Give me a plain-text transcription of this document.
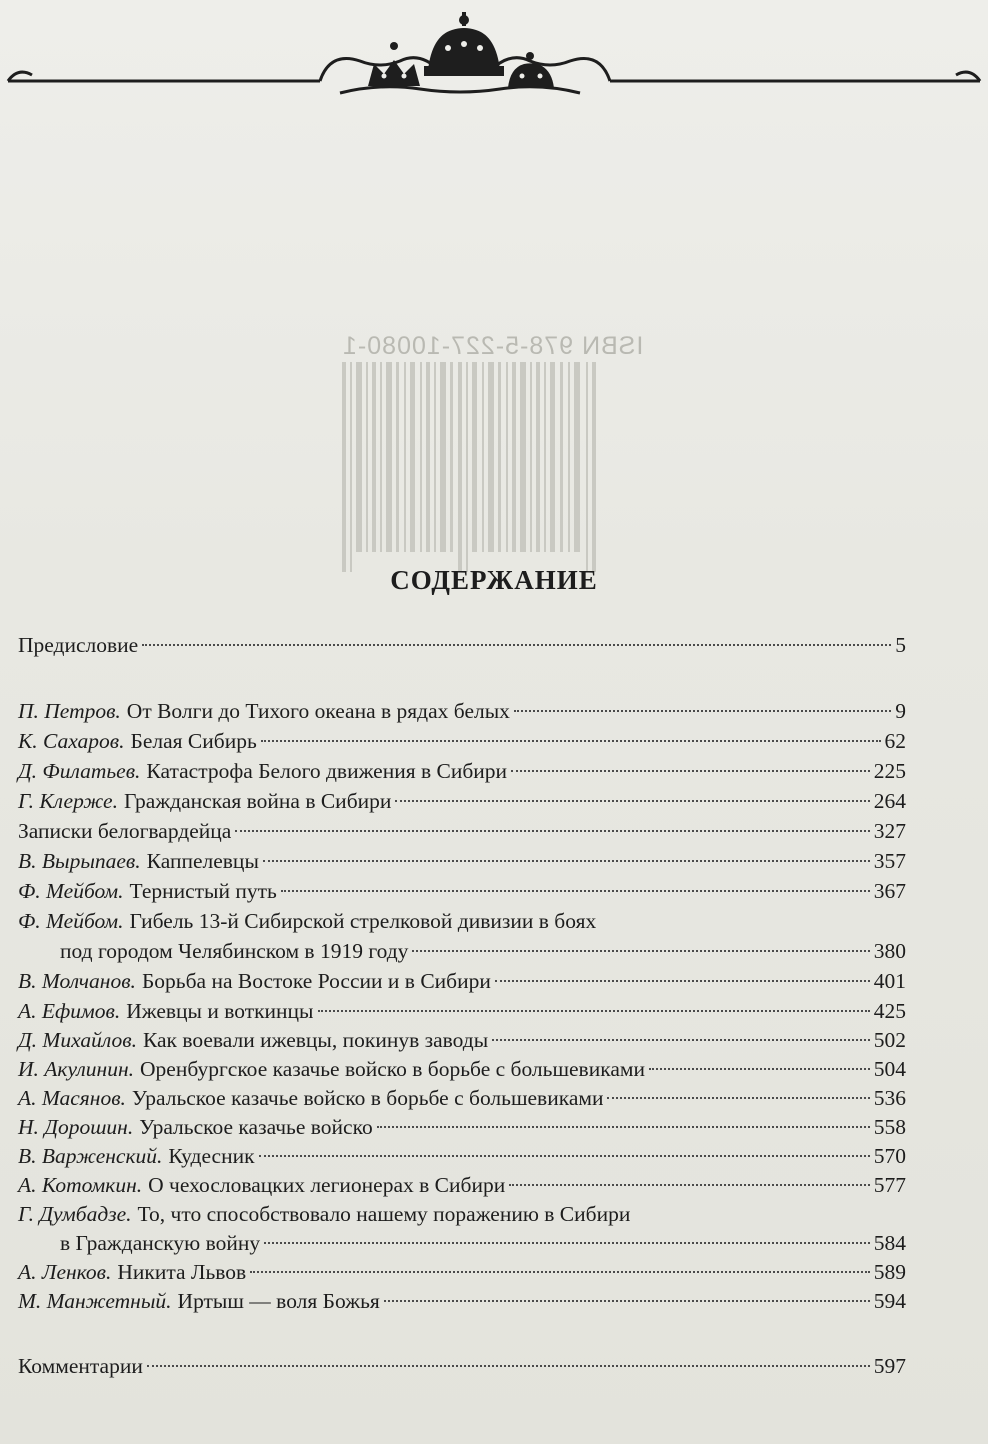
ISBN 978-5-227-10080-1
СОДЕРЖАНИЕ
Предисловие	5
П. Петров. От Волги до Тихого океана в рядах белых	9
К. Сахаров. Белая Сибирь	62
Д. Филатьев. Катастрофа Белого движения в Сибири	225
Г. Клерже. Гражданская война в Сибири	264
Записки белогвардейца	327
В. Вырыпаев. Каппелевцы	357
Ф. Мейбом. Тернистый путь	367
Ф. Мейбом. Гибель 13-й Сибирской стрелковой дивизии в боях
под городом Челябинском в 1919 году	380
В. Молчанов. Борьба на Востоке России и в Сибири	401
А. Ефимов. Ижевцы и воткинцы	425
Д. Михайлов. Как воевали ижевцы, покинув заводы	502
И. Акулинин. Оренбургское казачье войско в борьбе с большевиками	504
А. Масянов. Уральское казачье войско в борьбе с большевиками	536
Н. Дорошин. Уральское казачье войско	558
В. Варженский. Кудесник	570
А. Котомкин. О чехословацких легионерах в Сибири	577
Г. Думбадзе. То, что способствовало нашему поражению в Сибири
в Гражданскую войну	584
А. Ленков. Никита Львов	589
М. Манжетный. Иртыш — воля Божья	594
Комментарии	597
